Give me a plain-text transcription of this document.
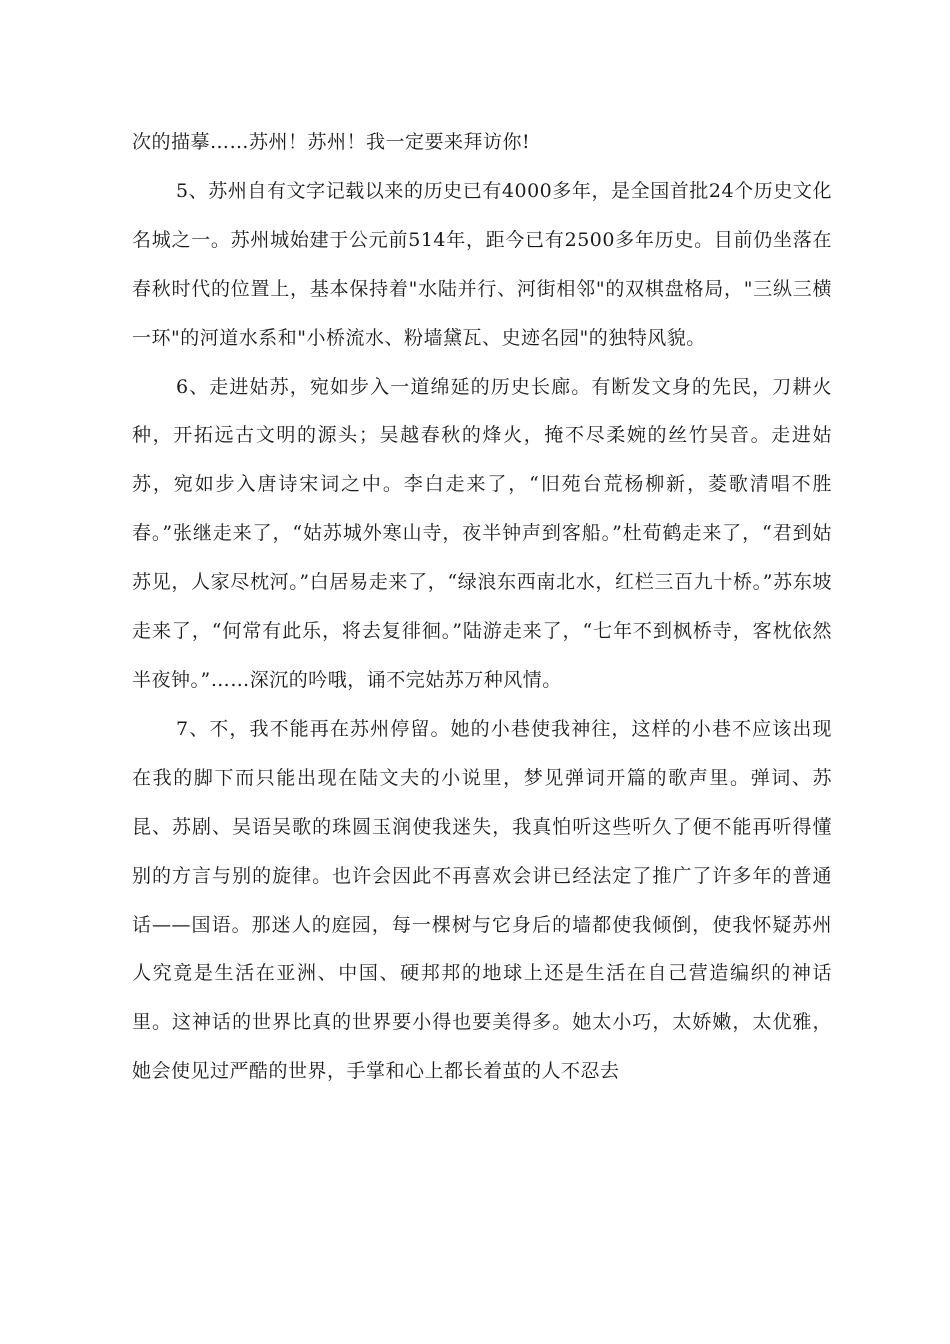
次的描摹……苏州！苏州！我一定要来拜访你!

5、苏州自有文字记载以来的历史已有4000多年，是全国首批24个历史文化名城之一。苏州城始建于公元前514年，距今已有2500多年历史。目前仍坐落在春秋时代的位置上，基本保持着"水陆并行、河街相邻"的双棋盘格局，"三纵三横一环"的河道水系和"小桥流水、粉墙黛瓦、史迹名园"的独特风貌。

6、走进姑苏，宛如步入一道绵延的历史长廊。有断发文身的先民，刀耕火种，开拓远古文明的源头；吴越春秋的烽火，掩不尽柔婉的丝竹吴音。走进姑苏，宛如步入唐诗宋词之中。李白走来了，“旧苑台荒杨柳新，菱歌清唱不胜春。”张继走来了，“姑苏城外寒山寺，夜半钟声到客船。”杜荀鹤走来了，“君到姑苏见，人家尽枕河。”白居易走来了，“绿浪东西南北水，红栏三百九十桥。”苏东坡走来了，“何常有此乐，将去复徘徊。”陆游走来了，“七年不到枫桥寺，客枕依然半夜钟。”……深沉的吟哦，诵不完姑苏万种风情。

7、不，我不能再在苏州停留。她的小巷使我神往，这样的小巷不应该出现在我的脚下而只能出现在陆文夫的小说里，梦见弹词开篇的歌声里。弹词、苏昆、苏剧、吴语吴歌的珠圆玉润使我迷失，我真怕听这些听久了便不能再听得懂别的方言与别的旋律。也许会因此不再喜欢会讲已经法定了推广了许多年的普通话——国语。那迷人的庭园，每一棵树与它身后的墙都使我倾倒，使我怀疑苏州人究竟是生活在亚洲、中国、硬邦邦的地球上还是生活在自己营造编织的神话里。这神话的世界比真的世界要小得也要美得多。她太小巧，太娇嫩，太优雅，她会使见过严酷的世界，手掌和心上都长着茧的人不忍去
